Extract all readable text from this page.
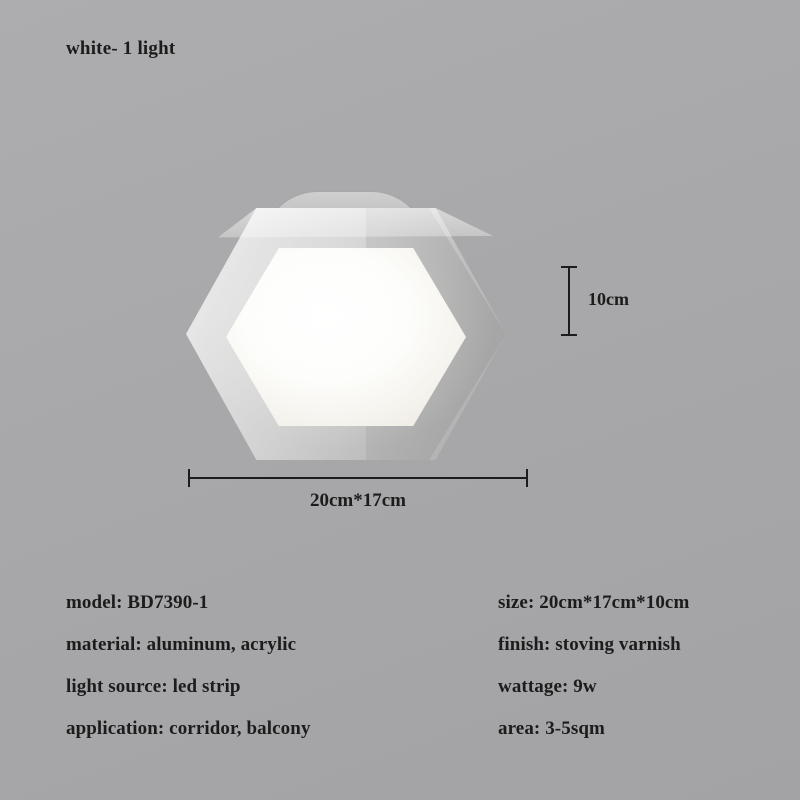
white- 1 light
10cm
20cm*17cm
model: BD7390-1	size: 20cm*17cm*10cm
material: aluminum, acrylic	finish: stoving varnish
light source: led strip	wattage: 9w
application: corridor, balcony	area: 3-5sqm
